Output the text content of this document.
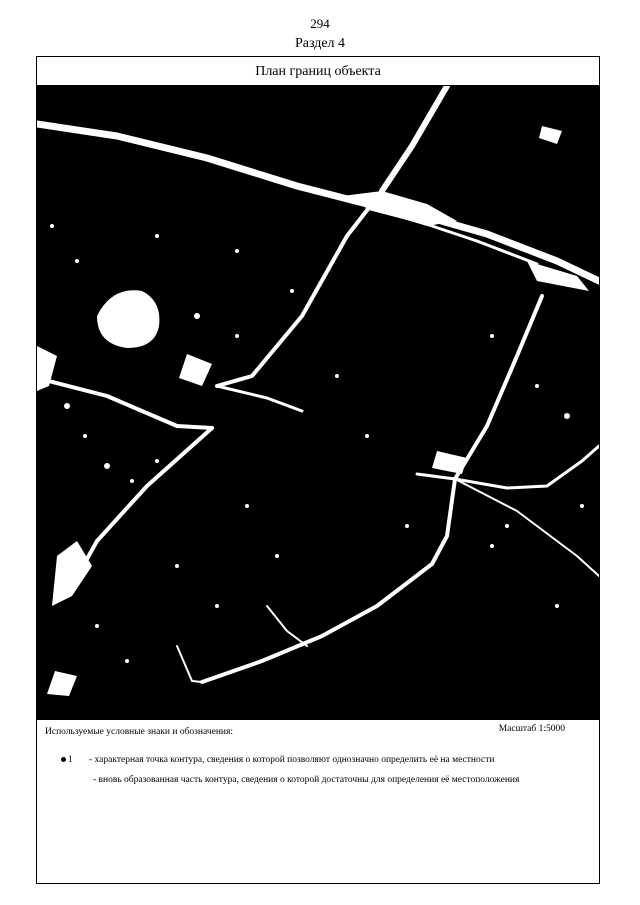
294
Раздел 4
План границ объекта
Используемые условные знаки и обозначения:	Масштаб 1:5000
1 - характерная точка контура, сведения о которой позволяют однозначно определить её на местности
- вновь образованная часть контура, сведения о которой достаточны для определения её местоположения
